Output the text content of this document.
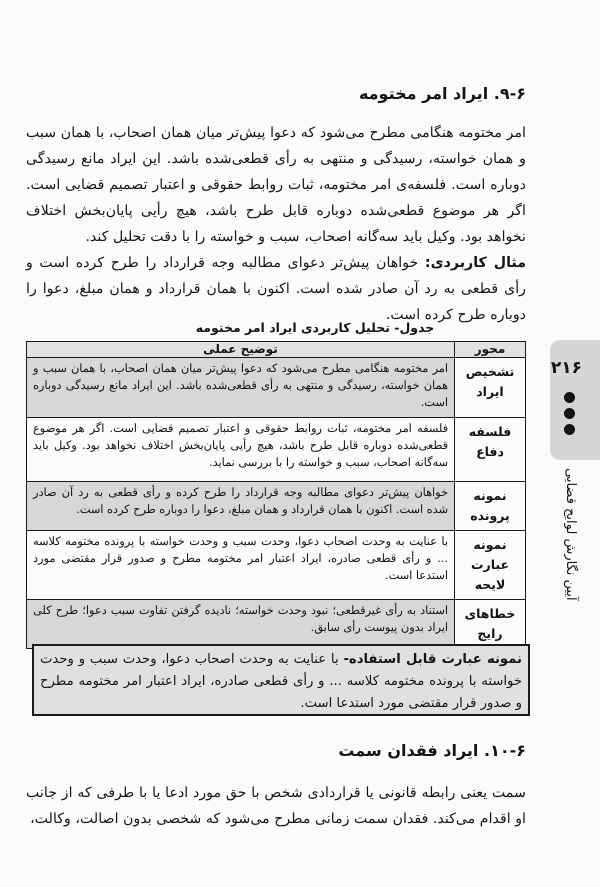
۲۱۶
آیین نگارش لوایح قضایی
۹-۶. ایراد امر مختومه

امر مختومه هنگامی مطرح می‌شود که دعوا پیش‌تر میان همان اصحاب، با همان سبب و همان خواسته، رسیدگی و منتهی به رأی قطعی‌شده باشد. این ایراد مانع رسیدگی دوباره است. فلسفه‌ی امر مختومه، ثبات روابط حقوقی و اعتبار تصمیم قضایی است. اگر هر موضوع قطعی‌شده دوباره قابل طرح باشد، هیچ رأیی پایان‌بخش اختلاف نخواهد بود. وکیل باید سه‌گانه اصحاب، سبب و خواسته را با دقت تحلیل کند.

مثال کاربردی: خواهان پیش‌تر دعوای مطالبه وجه قرارداد را طرح کرده است و رأی قطعی به رد آن صادر شده است. اکنون با همان قرارداد و همان مبلغ، دعوا را دوباره طرح کرده است.

جدول- تحلیل کاربردی ایراد امر مختومه
محور	توضیح عملی
تشخیص ایراد	امر مختومه هنگامی مطرح می‌شود که دعوا پیش‌تر میان همان اصحاب، با همان سبب و همان خواسته، رسیدگی و منتهی به رأی قطعی‌شده باشد. این ایراد مانع رسیدگی دوباره است.
فلسفه دفاع	فلسفه امر مختومه، ثبات روابط حقوقی و اعتبار تصمیم قضایی است. اگر هر موضوع قطعی‌شده دوباره قابل طرح باشد، هیچ رأیی پایان‌بخش اختلاف نخواهد بود. وکیل باید سه‌گانه اصحاب، سبب و خواسته را با بررسی نماید.
نمونه پرونده	خواهان پیش‌تر دعوای مطالبه وجه قرارداد را طرح کرده و رأی قطعی به رد آن صادر شده است. اکنون با همان قرارداد و همان مبلغ، دعوا را دوباره طرح کرده است.
نمونه عبارت لایحه	با عنایت به وحدت اصحاب دعوا، وحدت سبب و وحدت خواسته با پرونده مختومه کلاسه ... و رأی قطعی صادره، ایراد اعتبار امر مختومه مطرح و صدور قرار مقتضی مورد استدعا است.
خطاهای رایج	استناد به رأی غیرقطعی؛ نبود وحدت خواسته؛ نادیده گرفتن تفاوت سبب دعوا؛ طرح کلی ایراد بدون پیوست رأی سابق.
نمونه عبارت قابل استفاده- با عنایت به وحدت اصحاب دعوا، وحدت سبب و وحدت خواسته با پرونده مختومه کلاسه ... و رأی قطعی صادره، ایراد اعتبار امر مختومه مطرح و صدور قرار مقتضی مورد استدعا است.
۱۰-۶. ایراد فقدان سمت

سمت یعنی رابطه قانونی یا قراردادی شخص با حق مورد ادعا یا با طرفی که از جانب او اقدام می‌کند. فقدان سمت زمانی مطرح می‌شود که شخصی بدون اصالت، وکالت،
